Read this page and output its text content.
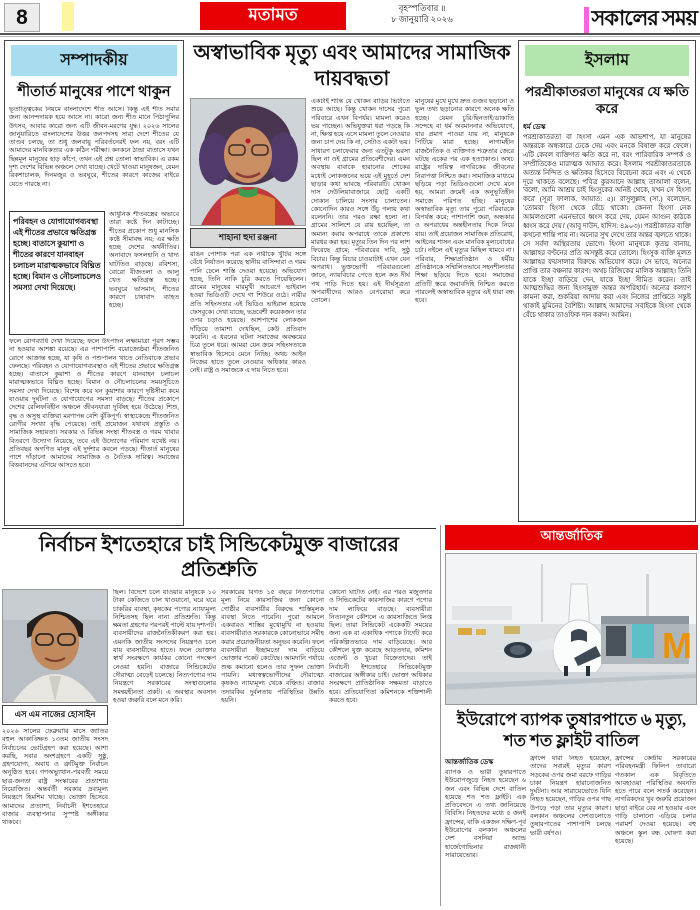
8	মতামত	বৃহস্পতিবার ॥
৮ জানুয়ারি ২০২৬	সকালের সময়
সম্পাদকীয়
শীতার্ত মানুষের পাশে থাকুন
ভূতাত্ত্বিকের নিয়মে বাংলাদেশে শীত আসে। কিন্তু এই শীত সবার জন্য আনন্দদায়ক হয়ে আসে না। কারো জন্য শীত মানে পিঠাপুলির উৎসব, আবার কারো জন্য এটি জীবন-মরণের যুদ্ধ। ২০২৬ সালের জানুয়ারিতে বাংলাদেশের উত্তর জনপদসহ সারা দেশে শীতের যে তাণ্ডব চলছে, তা শুধু জলবায়ু পরিবর্তনেরই ফল নয়, বরং এটি আমাদের মানবিকতার এক কঠিন পরীক্ষা। কনকনে ঠান্ডা বাতাসে যখন ছিন্নমূল মানুষের হাড় কাঁপে, তখন এই প্রশ্ন তোলা স্বাভাবিক। এ রকম দৃশ্য দেশের বিভিন্ন অঞ্চলে দেখা যাচ্ছে। খেটে খাওয়া মানুষজন, যেমন রিকশাচালক, দিনমজুর ও ভবঘুরে, শীতের কারণে কাজের বাইরে যেতে পারছে না।
পরিবহন ও যোগাযোগব্যবস্থা এই শীতের প্রভাবে ক্ষতিগ্রস্ত হচ্ছে। বাতাসে কুয়াশা ও শীতের কারণে যানবাহন চলাচল মারাত্মকভাবে বিঘ্নিত হচ্ছে। বিমান ও নৌচলাচলেও সমস্যা দেখা দিয়েছে।
আধুনিক শীতবস্ত্রের অভাবে তারা কষ্টে দিন কাটাচ্ছে। শীতের প্রকোপ শুধু মানসিক কষ্টে সীমাবদ্ধ নয়; এর ক্ষতি হচ্ছে দেশের অর্থনীতির। অনাবাদে ফসলহানি ও খাদ্য ঘাটতিও বাড়ছে। রবিশস্য, বোরো বীজতলা ও আলু খেত ক্ষতিগ্রস্ত হচ্ছে। ভবঘুরে ভাসমান, শীতের কারণে চাষাবাদ ব্যাহত হচ্ছে।
ফলে রোগব্যাধি দেখা দিয়েছে; ফলে উৎপাদন লক্ষ্যমাত্রা পূরণ সম্ভব না হওয়ার আশঙ্কা রয়েছে। এর পাশাপাশি বয়োজ্যেষ্ঠরা শীতজনিত রোগে আক্রান্ত হচ্ছে, যা কৃষি ও পশুপালন খাতে নেতিবাচক প্রভাব ফেলছে। পরিবহন ও যোগাযোগব্যবস্থাও এই শীতের প্রভাবে ক্ষতিগ্রস্ত হচ্ছে। বাতাসে কুয়াশা ও শীতের কারণে যানবাহন চলাচল মারাত্মকভাবে বিঘ্নিত হচ্ছে। বিমান ও নৌচলাচলের সময়সূচিতে সমস্যা দেখা দিয়েছে। বিশেষ করে ঘন কুয়াশার কারণে দৃষ্টিসীমা কমে যাওয়ায় দুর্ঘটনা ও যোগাযোগের সমস্যা বাড়ছে। শীতের প্রকোপে দেশের রেলিফবিহীন অঞ্চলে জীবনযাত্রা দুর্বিষহ হয়ে উঠেছে। শিশু, বৃদ্ধ ও অসুস্থ ব্যক্তিরা মরণাপন্ন বেশি ঝুঁকিপূর্ণ। স্বাস্থ্যকেন্দ্রে শীতজনিত রোগীর সংখ্যা বৃদ্ধি পেয়েছে। তাই প্রয়োজন যথাযথ প্রস্তুতি ও সামাজিক সহায়তা। সরকার ও বিভিন্ন সংস্থা শীতবস্ত্র ও গরম খাবার বিতরণে উদ্যোগ নিয়েছে, তবে এই উদ্যোগের পরিমাণ যথেষ্ট নয়। প্রতিবছর অগণিত মানুষ এই দুর্দশার কবলে পড়ছে। শীতার্ত মানুষের পাশে দাঁড়ানো আমাদের সামাজিক ও নৈতিক দায়িত্ব। সমাজের বিত্তবানদের এগিয়ে আসতে হবে।
অস্বাভাবিক মৃত্যু এবং আমাদের সামাজিক দায়বদ্ধতা
শাহানা হুদা রঞ্জনা
রঙিন পোশাক পরা এক নারীকে খুঁটির সঙ্গে বেঁধে নির্যাতন করেছে স্থানীয় বাসিন্দারা ও গরম পানি ঢেলে শাস্তি দেওয়া হয়েছে। অভিযোগ হচ্ছে, তিনি নাকি চুরি করতে গিয়েছিলেন। গ্রামের মানুষের মারমুখী আচরণে ভাইরাল হওয়া ভিডিওটি দেখে গা শিউরে ওঠে। নারীর প্রতি সহিংসতার এই ভিডিও ভাইরাল হয়েছে ফেসবুকে। দেখা যাচ্ছে, ভদ্রবেশী কয়েকজন তার ওপর চড়াও হয়েছে। আশপাশের লোকজন দাঁড়িয়ে তামাশা দেখছিল, কেউ প্রতিবাদ করেনি। এ ধরনের ঘটনা সমাজের অবক্ষয়ের চিত্র তুলে ধরে। আমরা যেন ক্রমে সহিংসতাকে স্বাভাবিক হিসেবে মেনে নিচ্ছি। অথচ আইন নিজের হাতে তুলে নেওয়ার অধিকার কারও নেই। রাষ্ট্র ও সমাজকে এ দায় নিতে হবে।
একটাই শান্তি যে খোকন বাড়ির ভিটাতে শুয়ে আছে। কিন্তু খোকন দাসের পুরো পরিবারে এখন বিপর্যয়। মামলা করেও ভয় পাচ্ছেন। অভিযুক্তরা ধরা পড়ছে কি না, ক্ষিপ্ত হয়ে এসে মামলা তুলে নেওয়ার জন্য চাপ দেয় কি না, সেটাও একটা ভয়। সাধারণ চলাফেরার জন্য এতটুকু ভরসা ছিল না ওই গ্রামের প্রতিবেশীদের। এমন অবস্থায় বাবাকে হারানোর শোকের মধ্যেই লোকজনের ভয়ে এই মুহূর্তে দেশ ছাড়ার কথা ভাবছে পরিবারটি। খোকন দাস দেউলিয়াবাজারে ছোট্ট একটি দোকান চালিয়ে সংসার চালাতেন। কোনোদিন কারও সঙ্গে উঁচু গলায় কথা বলেননি। তার পরও রক্ষা হলো না। গ্রামের সালিশে যে রায় হয়েছিল, তা অমান্য করার অপরাধে তাকে প্রকাশ্যে মারধর করা হয়। মৃত্যুর তিন দিন পর লাশ ফিরেছে গ্রামে; পরিবারের দাবি, সুষ্ঠু বিচার। কিন্তু বিচার চাওয়াটাই এখন যেন অপরাধ। ভুক্তভোগী পরিবারগুলো জানে, ন্যায়বিচার পেতে হলে কত দীর্ঘ পথ পাড়ি দিতে হয়। এই দীর্ঘসূত্রতা অপরাধীদের আরও বেপরোয়া করে তোলে।
মানুষের মুখে মুখে দ্রুত গুজব ছড়ানো ও ভুল তথ্য ছড়ানোর কারণে অনেক ক্ষতি হচ্ছে। যেমন চুরি/ছিনতাই/ডাকাতি সন্দেহে বা ধর্ম অবমাননার অভিযোগে, যার প্রমাণ পাওয়া যায় না, মানুষকে পিটিয়ে মারা হচ্ছে। লাগামহীন রাজনৈতিক ও ব্যক্তিগত শত্রুতার জেরে ঘটছে একের পর এক হত্যাকাণ্ড। অথচ রাষ্ট্রের দায়িত্ব নাগরিকের জীবনের নিরাপত্তা নিশ্চিত করা। সামাজিক মাধ্যমে ছড়িয়ে পড়া ভিডিওগুলো দেখে মনে হয়, আমরা ক্রমেই এক অনুভূতিহীন সমাজে পরিণত হচ্ছি। মানুষের অস্বাভাবিক মৃত্যু তার পুরো পরিবারকে বিপর্যস্ত করে; পাশাপাশি জরা, অন্ধকার ও অপরাধের অন্তহীনতার দিকে নিয়ে যায়। তাই প্রয়োজন সামাজিক প্রতিরোধ, আইনের শাসন এবং মানবিক মূল্যবোধের চর্চা। নইলে এই মৃত্যুর মিছিল থামবে না। পরিবার, শিক্ষাপ্রতিষ্ঠান ও ধর্মীয় প্রতিষ্ঠানকে সম্মিলিতভাবে সহনশীলতার শিক্ষা ছড়িয়ে দিতে হবে। সমাজের প্রতিটি স্তরে জবাবদিহি নিশ্চিত করতে পারলেই অস্বাভাবিক মৃত্যুর এই ধারা বন্ধ হবে।
ইসলাম
পরশ্রীকাতরতা মানুষের যে ক্ষতি করে
ধর্ম ডেস্ক
পরশ্রীকাতরতা বা হিংসা এমন এক অভিশাপ, যা মানুষের অন্তরকে অন্ধকারে ঢেকে দেয় এবং মনকে বিষাক্ত করে ফেলে। এটি কেবল ব্যক্তিগত ক্ষতি করে না, বরং পারিবারিক সম্পর্ক ও সম্প্রীতিকেও মারাত্মক আঘাত করে। ইসলাম পরশ্রীকাতরতাকে অত্যন্ত নিন্দিত ও ক্ষতিকর হিসেবে বিবেচনা করে এবং এ থেকে দূরে থাকতে বলেছে। পবিত্র কুরআনে আল্লাহ তাআলা বলেন, 'বলো, আমি আশ্রয় চাই হিংসুকের অনিষ্ট থেকে, যখন সে হিংসা করে' (সূরা ফালাক, আয়াত: ৫)। রাসুলুল্লাহ (সা.) বলেছেন, 'তোমরা হিংসা থেকে বেঁচে থাকো। কেননা হিংসা নেক আমলগুলো এমনভাবে ধ্বংস করে দেয়, যেমন আগুন কাঠকে ধ্বংস করে দেয়।' (আবু দাউদ, হাদিস: ৪৯০৩)। পরশ্রীকাতর ব্যক্তি কখনো শান্তি পায় না। অন্যের সুখ দেখে তার অন্তর জ্বলতে থাকে। সে সর্বদা অস্থিরতায় ভোগে। হিংসা মানুষকে কৃতঘ্ন বানায়, আল্লাহর বণ্টনের প্রতি অসন্তুষ্ট করে তোলে। হিংসুক ব্যক্তি মূলত আল্লাহর ফয়সালার বিরুদ্ধে অভিযোগ করে। সে ভাবে, অন্যের প্রাপ্তি তার বঞ্চনার কারণ। অথচ রিজিকের মালিক আল্লাহ। তিনি যাকে ইচ্ছা বাড়িয়ে দেন, যাকে ইচ্ছা সীমিত করেন। তাই আত্মশুদ্ধির জন্য হিংসামুক্ত অন্তর অপরিহার্য। অন্যের কল্যাণ কামনা করা, শুকরিয়া আদায় করা এবং নিজের প্রাপ্তিতে সন্তুষ্ট থাকাই মুমিনের বৈশিষ্ট্য। আল্লাহ আমাদের সবাইকে হিংসা থেকে বেঁচে থাকার তাওফিক দান করুন। আমিন।
নির্বাচন ইশতেহারে চাই সিন্ডিকেটমুক্ত বাজারের প্রতিশ্রুতি
এস এম নাজের হোসাইন
২০২৬ সালের ফেব্রুয়ারি মাসে জাতির বহুল আকাঙ্ক্ষিত ১৩তম জাতীয় সংসদ নির্বাচনের ভোটগ্রহণ করা হয়েছে। আশা করছি, সবার অংশগ্রহণে একটি সুষ্ঠু, গ্রহণযোগ্য, অবাধ ও ত্রুটিমুক্ত নির্বাচন অনুষ্ঠিত হবে। গণঅভ্যুত্থান-পরবর্তী সময়ে ছাত্র-জনতা রাষ্ট্র সংস্কারের প্রত্যাশায় নিয়োজিত। অন্তর্বর্তী সরকার দ্রব্যমূল্য নিয়ন্ত্রণে হিমশিম খাচ্ছে। ভোক্তা হিসেবে আমাদের প্রত্যাশা, নির্বাচনী ইশতেহারে বাজার ব্যবস্থাপনার সুস্পষ্ট অঙ্গীকার থাকবে।
ছিল। বিদেশে চলে যাওয়ার মানুষকে ১০ টাকা কেজিতে চাল খাওয়ানো, ঘরে ঘরে চাকরির ব্যবস্থা, কৃষকের পণ্যের ন্যায্যমূল্য নিশ্চিতসহ ছিল নানা প্রতিশ্রুতি। কিন্তু ক্ষমতা গ্রহণের পরপরই পাল্টে যায় দৃশ্যপট। ব্যবসায়ীদের রাজনৈতিকীকরণ করা হয়। এমনকি জাতীয় সংসদের নিয়ন্ত্রণও চলে যায় ব্যবসায়ীদের হাতে। ফলে ভোক্তার স্বার্থ সংরক্ষণে কার্যকর কোনো পদক্ষেপ নেওয়া হয়নি। বাজারে সিন্ডিকেটের দৌরাত্ম্য বেড়েই চলেছে। নিত্যপণ্যের দাম নিয়ন্ত্রণে সরকারের সংস্থাগুলোর সমন্বয়হীনতা প্রকট। এ অবস্থার অবসান হওয়া জরুরি বলে মনে করি।
সরকারের বিগত ১৫ বছরে নিত্যপণ্যের মূল্য নিয়ে কারসাজির জন্য কোনো গোষ্ঠীর ব্যবসায়ীর বিরুদ্ধে শাস্তিমূলক ব্যবস্থা নিতে পারেনি। পুরো আমলে একবারও শাস্তির মুখোমুখি না হওয়ায় ব্যবসায়ীরাও সরকারকে কোনোভাবে সমীহ করার প্রয়োজনীয়তা অনুভব করেনি। ফলে ব্যবসায়ীরা ইচ্ছামতো দাম বাড়িয়ে ভোক্তার পকেট কেটেছে। আমদানি পর্যায়ে শুল্ক কমানো হলেও তার সুফল ভোক্তা পায়নি। মধ্যস্বত্বভোগীদের দৌরাত্ম্যে কৃষকও ন্যায্যমূল্য থেকে বঞ্চিত। বাজার তদারকির দুর্বলতায় পরিস্থিতির উন্নতি হয়নি।
কোনো ঘাটতি নেই। এর পরও মজুতদার ও সিন্ডিকেটের কারসাজির কারণে পণ্যের দাম লাফিয়ে বাড়ছে। ব্যবসায়ীরা নিত্যনতুন কৌশলে এ কারসাজিতে লিপ্ত ছিল। তারা সিন্ডিকেট একেকটি সময়ের জন্য এক বা একাধিক পণ্যকে টার্গেট করে পরিকল্পিতভাবে দাম বাড়িয়েছে। আর কৌশলে যুক্ত করেছে আড়তদার, কমিশন এজেন্ট ও খুচরা বিক্রেতাদের। তাই নির্বাচনী ইশতেহারে সিন্ডিকেটমুক্ত বাজারের অঙ্গীকার চাই। ভোক্তা অধিকার সংরক্ষণে প্রাতিষ্ঠানিক সক্ষমতা বাড়াতে হবে। প্রতিযোগিতা কমিশনকে শক্তিশালী করতে হবে।
আন্তর্জাতিক
M
ইউরোপে ব্যাপক তুষারপাতে ৬ মৃত্যু, শত শত ফ্লাইট বাতিল
আন্তর্জাতিক ডেস্ক
ব্যাপক ও ভারী তুষারপাতে ইউরোপজুড়ে নিহত হয়েছেন ৬ জন এবং বিভিন্ন দেশে বাতিল হয়েছে শত শত ফ্লাইট। এক প্রতিবেদনে এ তথ্য জানিয়েছে বিবিসি। নিহতদের মধ্যে ৫ জনই ফ্রান্সের, বাকি একজন দক্ষিণ-পূর্ব ইউরোপের বলকান অঞ্চলের দেশ বসনিয়া অ্যান্ড হার্জেগোভিনার রাজধানী সারায়েভোর।
ফ্রান্সে যারা নিহত হয়েছেন, তাদের সবারই মৃত্যুর কারণ সড়কের ওপর জমা বরফে গাড়ির চাকা নিয়ন্ত্রণ হারানোজনিত দুর্ঘটনা। আর সারায়েভোতে যিনি নিহত হয়েছেন, গাড়ির ওপর গাছ উপড়ে পড়া তার মৃত্যুর কারণ। বলকান অঞ্চলের দেশগুলোতে তুষারপাতের পাশাপাশি চলছে ভারী বর্ষণও।
ফ্রান্সের কেন্দ্রীয় সরকারের পরিবহনমন্ত্রী ফিলিপ তাবারো গতকাল এক বিবৃতিতে আবহাওয়া পরিস্থিতির অবনতি হতে পারে বলে সতর্ক করেছেন। নাগরিকদের খুব জরুরি প্রয়োজন ছাড়া বাইরে বের না হওয়ার এবং গাড়ি চালানো এড়িয়ে চলার পরামর্শ দেওয়া হয়েছে। বহু অঞ্চলে স্কুল বন্ধ ঘোষণা করা হয়েছে।
